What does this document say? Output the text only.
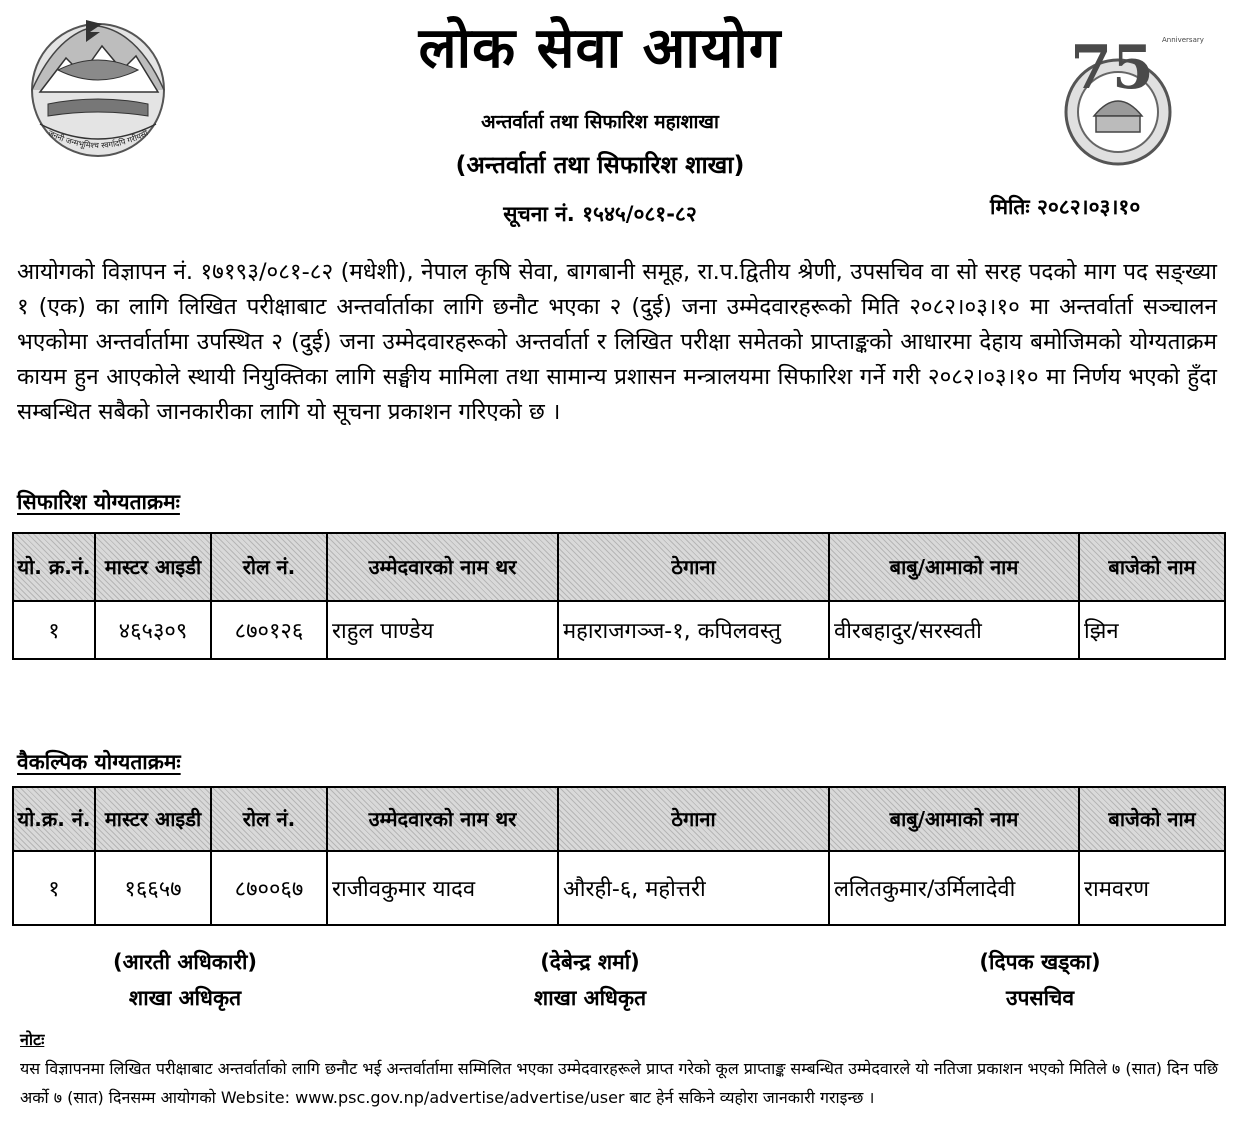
जननी जन्मभूमिश्च स्वर्गादपि गरीयसी
75 Anniversary
लोक सेवा आयोग
अन्तर्वार्ता तथा सिफारिश महाशाखा
(अन्तर्वार्ता तथा सिफारिश शाखा)
सूचना नं. १५४५/०८१-८२	मितिः २०८२।०३।१०
आयोगको विज्ञापन नं. १७१९३/०८१-८२ (मधेशी), नेपाल कृषि सेवा, बागबानी समूह, रा.प.द्वितीय श्रेणी, उपसचिव वा सो सरह पदको माग पद सङ्ख्या १ (एक) का लागि लिखित परीक्षाबाट अन्तर्वार्ताका लागि छनौट भएका २ (दुई) जना उम्मेदवारहरूको मिति २०८२।०३।१० मा अन्तर्वार्ता सञ्चालन भएकोमा अन्तर्वार्तामा उपस्थित २ (दुई) जना उम्मेदवारहरूको अन्तर्वार्ता र लिखित परीक्षा समेतको प्राप्ताङ्कको आधारमा देहाय बमोजिमको योग्यताक्रम कायम हुन आएकोले स्थायी नियुक्तिका लागि सङ्घीय मामिला तथा सामान्य प्रशासन मन्त्रालयमा सिफारिश गर्ने गरी २०८२।०३।१० मा निर्णय भएको हुँदा सम्बन्धित सबैको जानकारीका लागि यो सूचना प्रकाशन गरिएको छ ।
सिफारिश योग्यताक्रमः
यो. क्र.नं.	मास्टर आइडी	रोल नं.	उम्मेदवारको नाम थर	ठेगाना	बाबु/आमाको नाम	बाजेको नाम
१	४६५३०९	८७०१२६	राहुल पाण्डेय	महाराजगञ्ज-१, कपिलवस्तु	वीरबहादुर/सरस्वती	झिन
वैकल्पिक योग्यताक्रमः
यो.क्र. नं.	मास्टर आइडी	रोल नं.	उम्मेदवारको नाम थर	ठेगाना	बाबु/आमाको नाम	बाजेको नाम
१	१६६५७	८७००६७	राजीवकुमार यादव	औरही-६, महोत्तरी	ललितकुमार/उर्मिलादेवी	रामवरण
(आरती अधिकारी)
शाखा अधिकृत
(देबेन्द्र शर्मा)
शाखा अधिकृत
(दिपक खड्का)
उपसचिव
नोटः
यस विज्ञापनमा लिखित परीक्षाबाट अन्तर्वार्ताको लागि छनौट भई अन्तर्वार्तामा सम्मिलित भएका उम्मेदवारहरूले प्राप्त गरेको कूल प्राप्ताङ्क सम्बन्धित उम्मेदवारले यो नतिजा प्रकाशन भएको मितिले ७ (सात) दिन पछि अर्को ७ (सात) दिनसम्म आयोगको Website: www.psc.gov.np/advertise/advertise/user बाट हेर्न सकिने व्यहोरा जानकारी गराइन्छ ।
